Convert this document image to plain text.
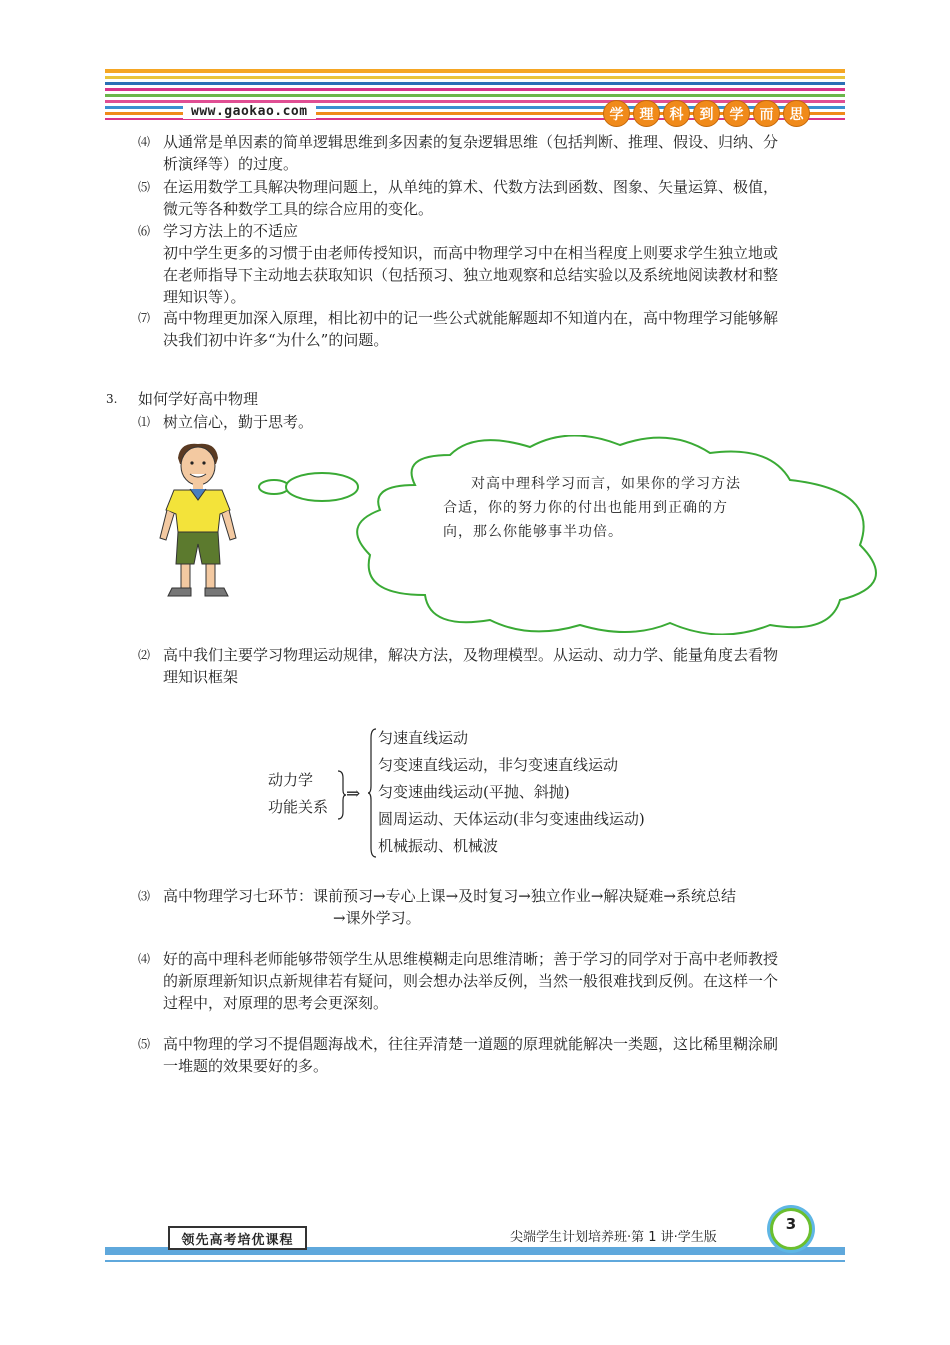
www.gaokao.com	学	理	科	到	学	而	思
⑷ 从通常是单因素的简单逻辑思维到多因素的复杂逻辑思维（包括判断、推理、假设、归纳、分
析演绎等）的过度。
⑸ 在运用数学工具解决物理问题上，从单纯的算术、代数方法到函数、图象、矢量运算、极值，
微元等各种数学工具的综合应用的变化。
⑹ 学习方法上的不适应
初中学生更多的习惯于由老师传授知识，而高中物理学习中在相当程度上则要求学生独立地或
在老师指导下主动地去获取知识（包括预习、独立地观察和总结实验以及系统地阅读教材和整
理知识等）。
⑺ 高中物理更加深入原理，相比初中的记一些公式就能解题却不知道内在，高中物理学习能够解
决我们初中许多“为什么”的问题。
3. 如何学好高中物理
⑴ 树立信心，勤于思考。
对高中理科学习而言，如果你的学习方法
合适，你的努力你的付出也能用到正确的方
向，那么你能够事半功倍。
⑵ 高中我们主要学习物理运动规律，解决方法，及物理模型。从运动、动力学、能量角度去看物
理知识框架
动力学
功能关系
⇒
匀速直线运动
匀变速直线运动，非匀变速直线运动
匀变速曲线运动(平抛、斜抛)
圆周运动、天体运动(非匀变速曲线运动)
机械振动、机械波
⑶ 高中物理学习七环节：课前预习→专心上课→及时复习→独立作业→解决疑难→系统总结
→课外学习。
⑷ 好的高中理科老师能够带领学生从思维模糊走向思维清晰；善于学习的同学对于高中老师教授
的新原理新知识点新规律若有疑问，则会想办法举反例，当然一般很难找到反例。在这样一个
过程中，对原理的思考会更深刻。
⑸ 高中物理的学习不提倡题海战术，往往弄清楚一道题的原理就能解决一类题，这比稀里糊涂刷
一堆题的效果要好的多。
领先高考培优课程	尖端学生计划培养班·第 1 讲·学生版
3
